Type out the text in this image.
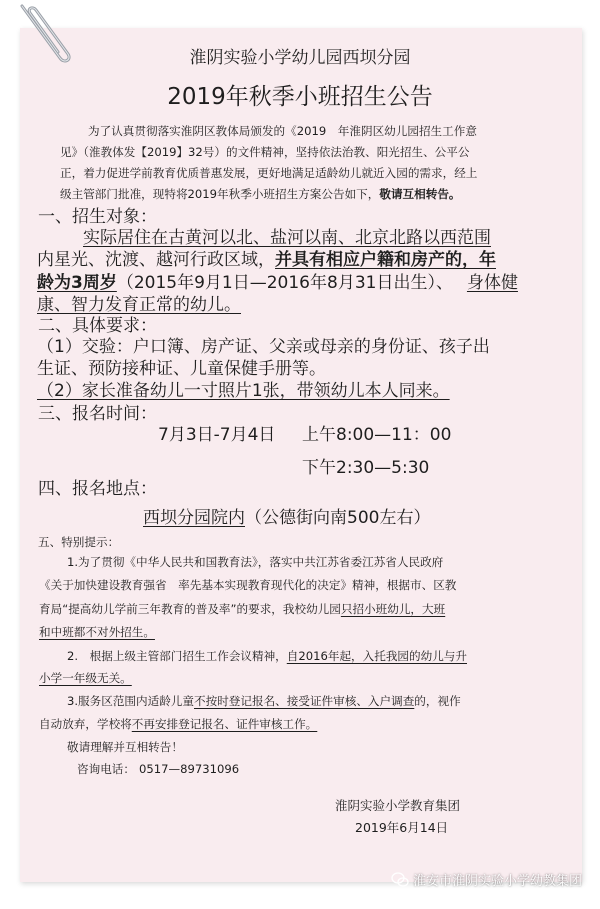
淮阴实验小学幼儿园西坝分园
2019年秋季小班招生公告
为了认真贯彻落实淮阴区教体局颁发的《2019　年淮阴区幼儿园招生工作意
见》（淮教体发【2019】32号）的文件精神，坚持依法治教、阳光招生、公平公
正，着力促进学前教育优质普惠发展，更好地满足适龄幼儿就近入园的需求，经上
级主管部门批准，现特将2019年秋季小班招生方案公告如下，敬请互相转告。
一、招生对象：
实际居住在古黄河以北、盐河以南、北京北路以西范围
内星光、沈渡、越河行政区域，并具有相应户籍和房产的，年
龄为3周岁（2015年9月1日—2016年8月31日出生）、 身体健
康、智力发育正常的幼儿。
二、具体要求：
（1）交验：户口簿、房产证、父亲或母亲的身份证、孩子出
生证、预防接种证、儿童保健手册等。
（2）家长准备幼儿一寸照片1张，带领幼儿本人同来。
三、报名时间：
7月3日-7月4日 上午8:00—11：00
下午2:30—5:30
四、报名地点：
西坝分园院内（公德街向南500左右）
五、特别提示：
1.为了贯彻《中华人民共和国教育法》，落实中共江苏省委江苏省人民政府
《关于加快建设教育强省　率先基本实现教育现代化的决定》精神，根据市、区教
育局“提高幼儿学前三年教育的普及率”的要求，我校幼儿园只招小班幼儿，大班
和中班都不对外招生。
2.　根据上级主管部门招生工作会议精神，自2016年起，入托我园的幼儿与升
小学一年级无关。
3.服务区范围内适龄儿童不按时登记报名、接受证件审核、入户调查的，视作
自动放弃，学校将不再安排登记报名、证件审核工作。
敬请理解并互相转告！
咨询电话： 0517—89731096
淮阴实验小学教育集团
2019年6月14日
淮安市淮阴实验小学幼教集团
